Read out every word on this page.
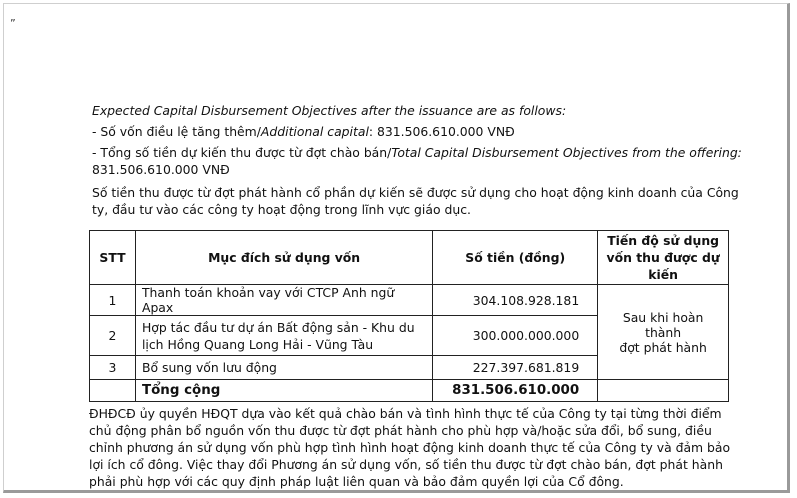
”
Expected Capital Disbursement Objectives after the issuance are as follows:
- Số vốn điều lệ tăng thêm/Additional capital: 831.506.610.000 VNĐ
- Tổng số tiền dự kiến thu được từ đợt chào bán/Total Capital Disbursement Objectives from the offering:
831.506.610.000 VNĐ
Số tiền thu được từ đợt phát hành cổ phần dự kiến sẽ được sử dụng cho hoạt động kinh doanh của Công
ty, đầu tư vào các công ty hoạt động trong lĩnh vực giáo dục.
STT	Mục đích sử dụng vốn	Số tiền (đồng)	Tiến độ sử dụng
vốn thu được dự
kiến

1	Thanh toán khoản vay với CTCP Anh ngữ Apax	304.108.928.181	Sau khi hoàn thành
đợt phát hành

2	Hợp tác đầu tư dự án Bất động sản - Khu du
lịch Hồng Quang Long Hải - Vũng Tàu	300.000.000.000	
3	Bổ sung vốn lưu động	227.397.681.819	
	Tổng cộng	831.506.610.000	
ĐHĐCĐ ủy quyền HĐQT dựa vào kết quả chào bán và tình hình thực tế của Công ty tại từng thời điểm
chủ động phân bổ nguồn vốn thu được từ đợt phát hành cho phù hợp và/hoặc sửa đổi, bổ sung, điều
chỉnh phương án sử dụng vốn phù hợp tình hình hoạt động kinh doanh thực tế của Công ty và đảm bảo
lợi ích cổ đông. Việc thay đổi Phương án sử dụng vốn, số tiền thu được từ đợt chào bán, đợt phát hành
phải phù hợp với các quy định pháp luật liên quan và bảo đảm quyền lợi của Cổ đông.
